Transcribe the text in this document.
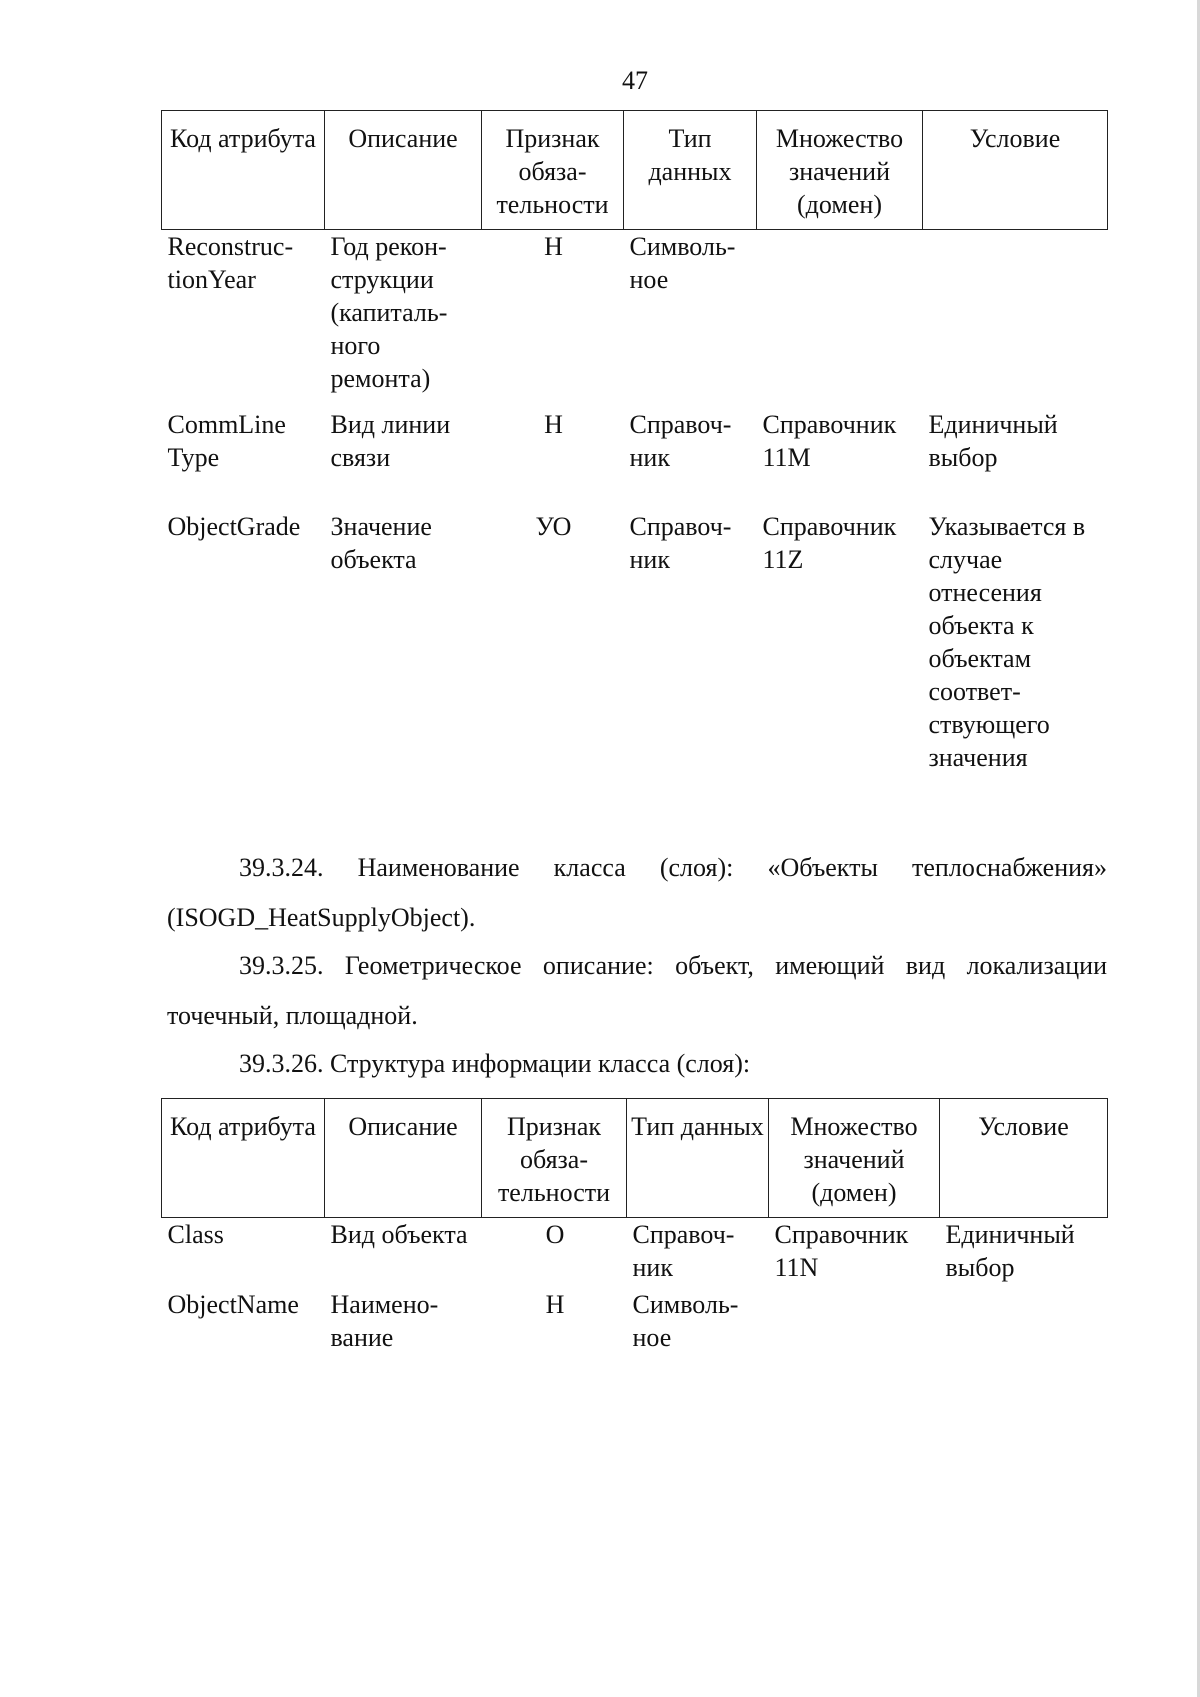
47
Код атрибута	Описание	Признак обяза-тельности	Тип данных	Множество значений (домен)	Условие
Reconstruc-tionYear	Год рекон-струкции (капиталь-ного ремонта)	Н	Символь-ное		
CommLine Type	Вид линии связи	Н	Справоч-ник	Справочник 11М	Единичный выбор
ObjectGrade	Значение объекта	УО	Справоч-ник	Справочник 11Z	Указывается в случае отнесения объекта к объектам соответ-ствующего значения

39.3.24. Наименование класса (слоя): «Объекты теплоснабжения» (ISOGD_HeatSupplyObject).

39.3.25. Геометрическое описание: объект, имеющий вид локализации точечный, площадной.

39.3.26. Структура информации класса (слоя):

Код атрибута	Описание	Признак обяза-тельности	Тип данных	Множество значений (домен)	Условие
Class	Вид объекта	О	Справоч-ник	Справочник 11N	Единичный выбор
ObjectName	Наимено-вание	Н	Символь-ное		
